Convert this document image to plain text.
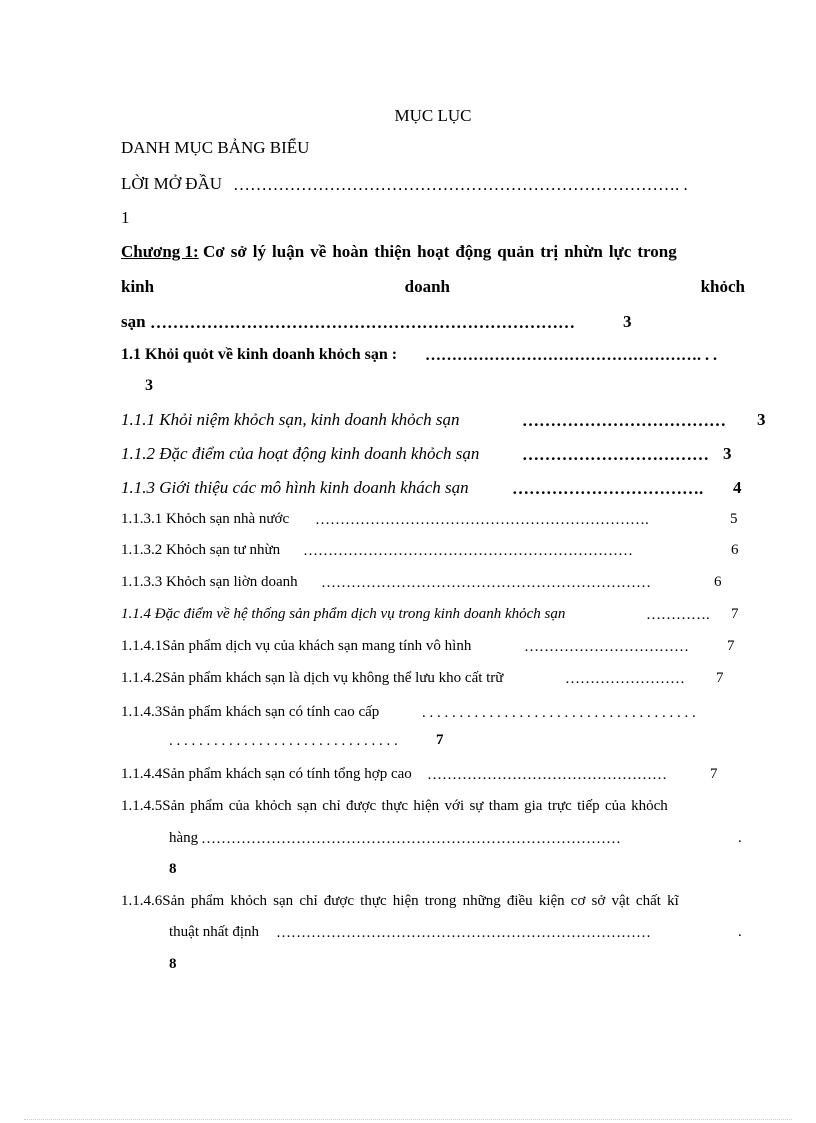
MỤC LỤC
DANH MỤC BẢNG BIỂU
LỜI MỞ ĐẦU ……………………………………………………………………. .
1
Chương 1: Cơ sở lý luận về hoàn thiện hoạt động quản trị nhừn lực trong
kinh	doanh	khỏch
sạn …………………………………………………………………	3
1.1 Khỏi quỏt về kinh doanh khỏch sạn : ……………………………………………. . .
3
1.1.1 Khỏi niệm khỏch sạn, kinh doanh khỏch sạn	………………………………	3
1.1.2 Đặc điểm của hoạt động kinh doanh khỏch sạn	…………………………… 3
1.1.3 Giới thiệu các mô hình kinh doanh khách sạn	…………………………….	4
1.1.3.1 Khỏch sạn nhà nước ………………………………………………………….	5
1.1.3.2 Khỏch sạn tư nhừn …………………………………………………………	6
1.1.3.3 Khỏch sạn liờn doanh …………………………………………………………	6
1.1.4 Đặc điểm về hệ thống sản phẩm dịch vụ trong kinh doanh khỏch sạn	………….	7
1.1.4.1Sản phẩm dịch vụ của khách sạn mang tính vô hình	……………………………	7
1.1.4.2Sản phẩm khách sạn là dịch vụ không thể lưu kho cất trữ	……………………	7
1.1.4.3Sản phẩm khách sạn có tính cao cấp	. . . . . . . . . . . . . . . . . . . . . . . . . . . . . . . . . . . . .
. . . . . . . . . . . . . . . . . . . . . . . . . . . . . . .	7
1.1.4.4Sản phẩm khách sạn có tính tổng hợp cao …………………………………………	7
1.1.4.5Sản phẩm của khỏch sạn chỉ được thực hiện với sự tham gia trực tiếp của khỏch
hàng …………………………………………………………………………	.
8
1.1.4.6Sản phẩm khỏch sạn chỉ được thực hiện trong những điều kiện cơ sở vật chất kĩ
thuật nhất định …………………………………………………………………	.
8
